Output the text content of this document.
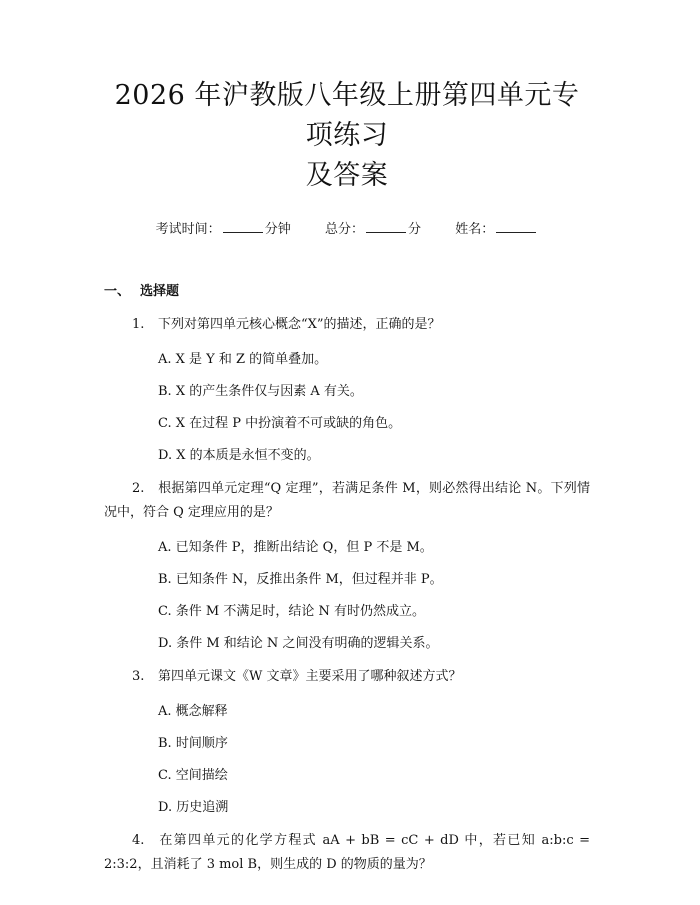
2026 年沪教版八年级上册第四单元专项练习
及答案
考试时间：	分钟	总分：	分	姓名：
一、 选择题
1. 下列对第四单元核心概念“X”的描述，正确的是？
A. X 是 Y 和 Z 的简单叠加。
B. X 的产生条件仅与因素 A 有关。
C. X 在过程 P 中扮演着不可或缺的角色。
D. X 的本质是永恒不变的。
2. 根据第四单元定理“Q 定理”，若满足条件 M，则必然得出结论 N。下列情况中，符合 Q 定理应用的是？
A. 已知条件 P，推断出结论 Q，但 P 不是 M。
B. 已知条件 N，反推出条件 M，但过程并非 P。
C. 条件 M 不满足时，结论 N 有时仍然成立。
D. 条件 M 和结论 N 之间没有明确的逻辑关系。
3. 第四单元课文《W 文章》主要采用了哪种叙述方式？
A. 概念解释
B. 时间顺序
C. 空间描绘
D. 历史追溯
4. 在第四单元的化学方程式 aA + bB = cC + dD 中，若已知 a:b:c = 2:3:2，且消耗了 3 mol B，则生成的 D 的物质的量为？
